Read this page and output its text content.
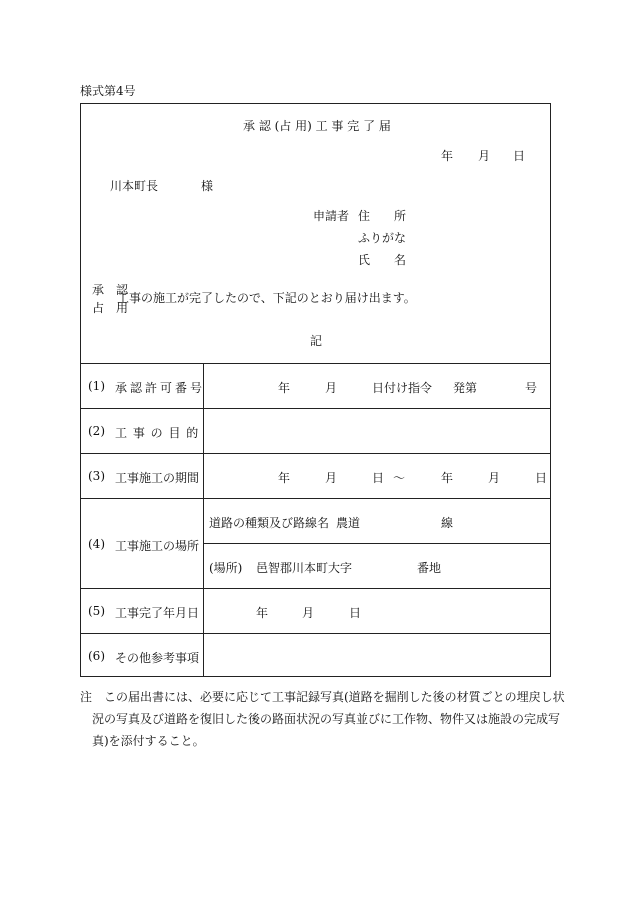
様式第4号
承 認 (占 用) 工 事 完 了 届
年 月 日
川本町長	様
申請者 住　　所
ふりがな
氏　　名
承　認
占　用
工事の施工が完了したので、下記のとおり届け出ます。
記
(1) 承認許可番号	年	月	日付け指令 発第	号
(2) 工 事 の 目 的
(3) 工事施工の期間	年	月	日 〜	年	月	日
(4) 工事施工の場所
道路の種類及び路線名 農道	線
(場所) 邑智郡川本町大字	番地
(5) 工事完了年月日	年	月	日
(6) その他参考事項
注 この届出書には、必要に応じて工事記録写真(道路を掘削した後の材質ごとの埋戻し状
況の写真及び道路を復旧した後の路面状況の写真並びに工作物、物件又は施設の完成写
真)を添付すること。
